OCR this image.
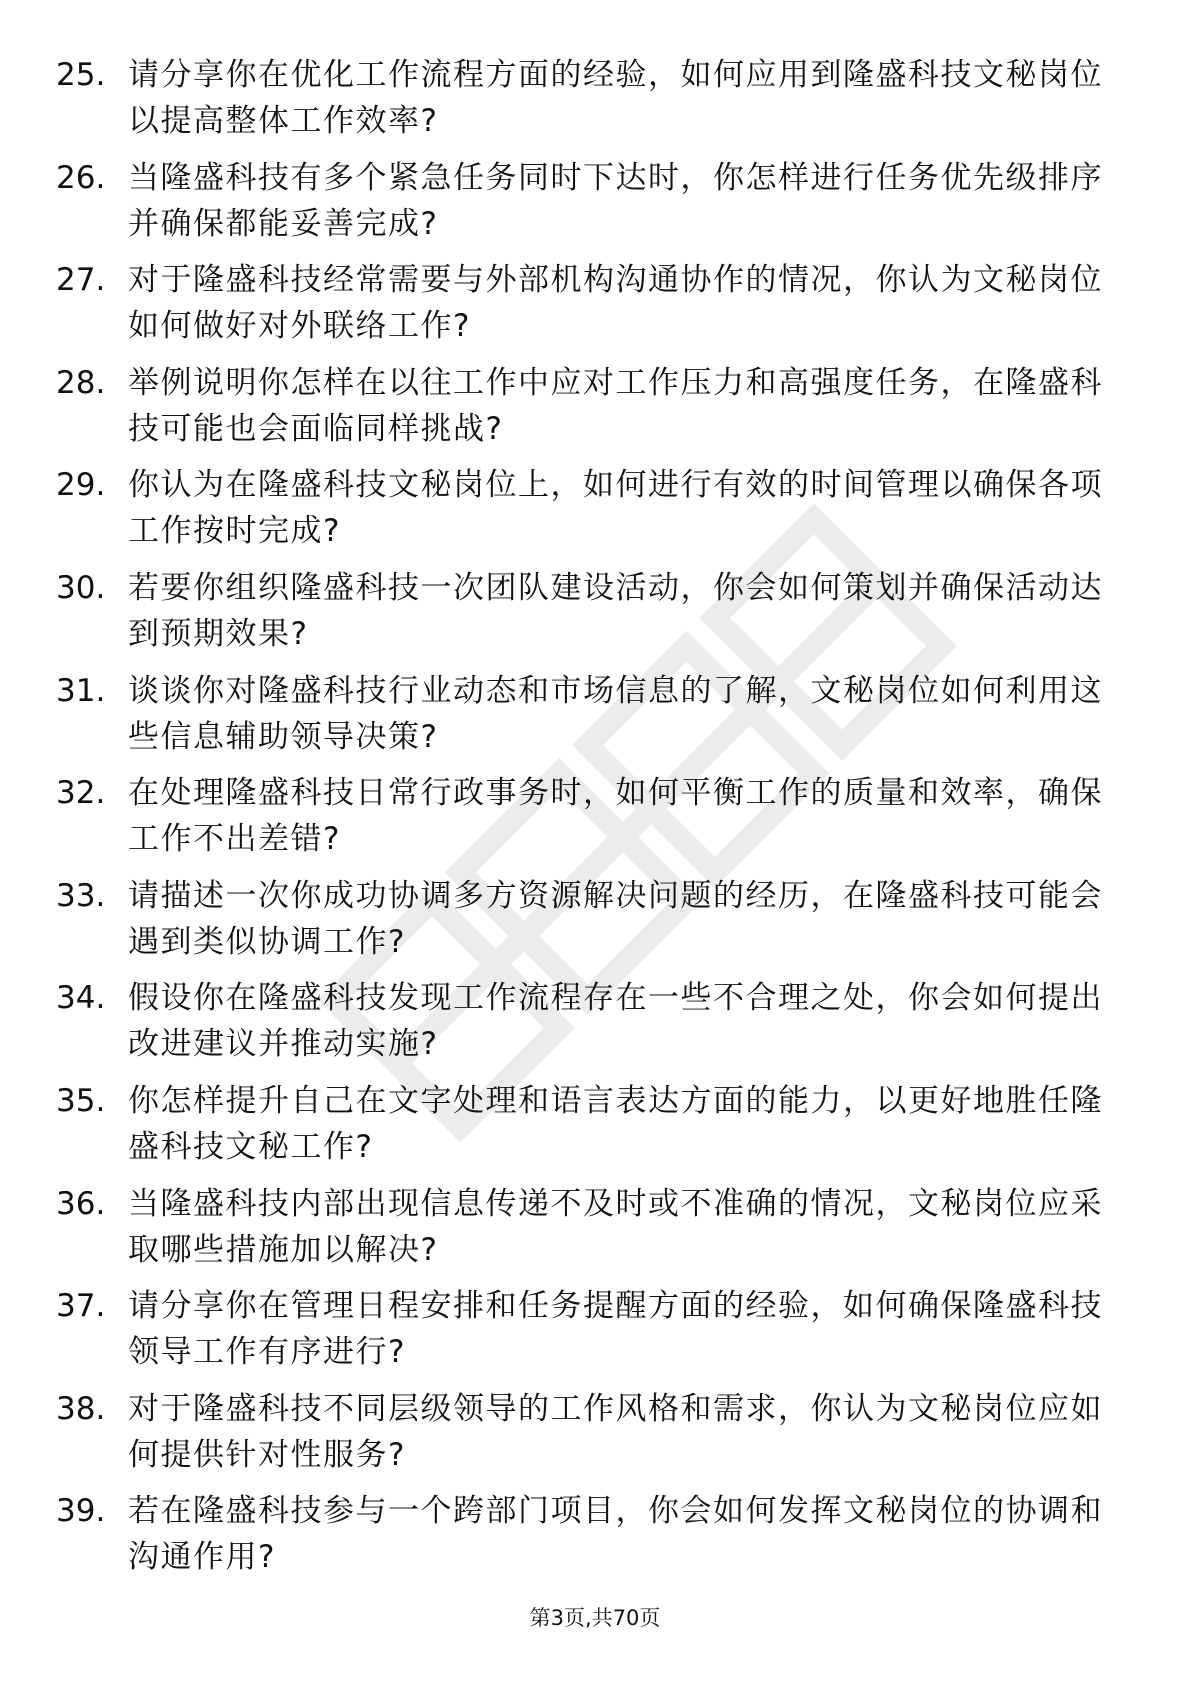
25. 请分享你在优化工作流程方面的经验，如何应用到隆盛科技文秘岗位以提高整体工作效率?
26. 当隆盛科技有多个紧急任务同时下达时，你怎样进行任务优先级排序并确保都能妥善完成?
27. 对于隆盛科技经常需要与外部机构沟通协作的情况，你认为文秘岗位如何做好对外联络工作?
28. 举例说明你怎样在以往工作中应对工作压力和高强度任务，在隆盛科技可能也会面临同样挑战?
29. 你认为在隆盛科技文秘岗位上，如何进行有效的时间管理以确保各项工作按时完成?
30. 若要你组织隆盛科技一次团队建设活动，你会如何策划并确保活动达到预期效果?
31. 谈谈你对隆盛科技行业动态和市场信息的了解，文秘岗位如何利用这些信息辅助领导决策?
32. 在处理隆盛科技日常行政事务时，如何平衡工作的质量和效率，确保工作不出差错?
33. 请描述一次你成功协调多方资源解决问题的经历，在隆盛科技可能会遇到类似协调工作?
34. 假设你在隆盛科技发现工作流程存在一些不合理之处，你会如何提出改进建议并推动实施?
35. 你怎样提升自己在文字处理和语言表达方面的能力，以更好地胜任隆盛科技文秘工作?
36. 当隆盛科技内部出现信息传递不及时或不准确的情况，文秘岗位应采取哪些措施加以解决?
37. 请分享你在管理日程安排和任务提醒方面的经验，如何确保隆盛科技领导工作有序进行?
38. 对于隆盛科技不同层级领导的工作风格和需求，你认为文秘岗位应如何提供针对性服务?
39. 若在隆盛科技参与一个跨部门项目，你会如何发挥文秘岗位的协调和沟通作用?
第3页,共70页
